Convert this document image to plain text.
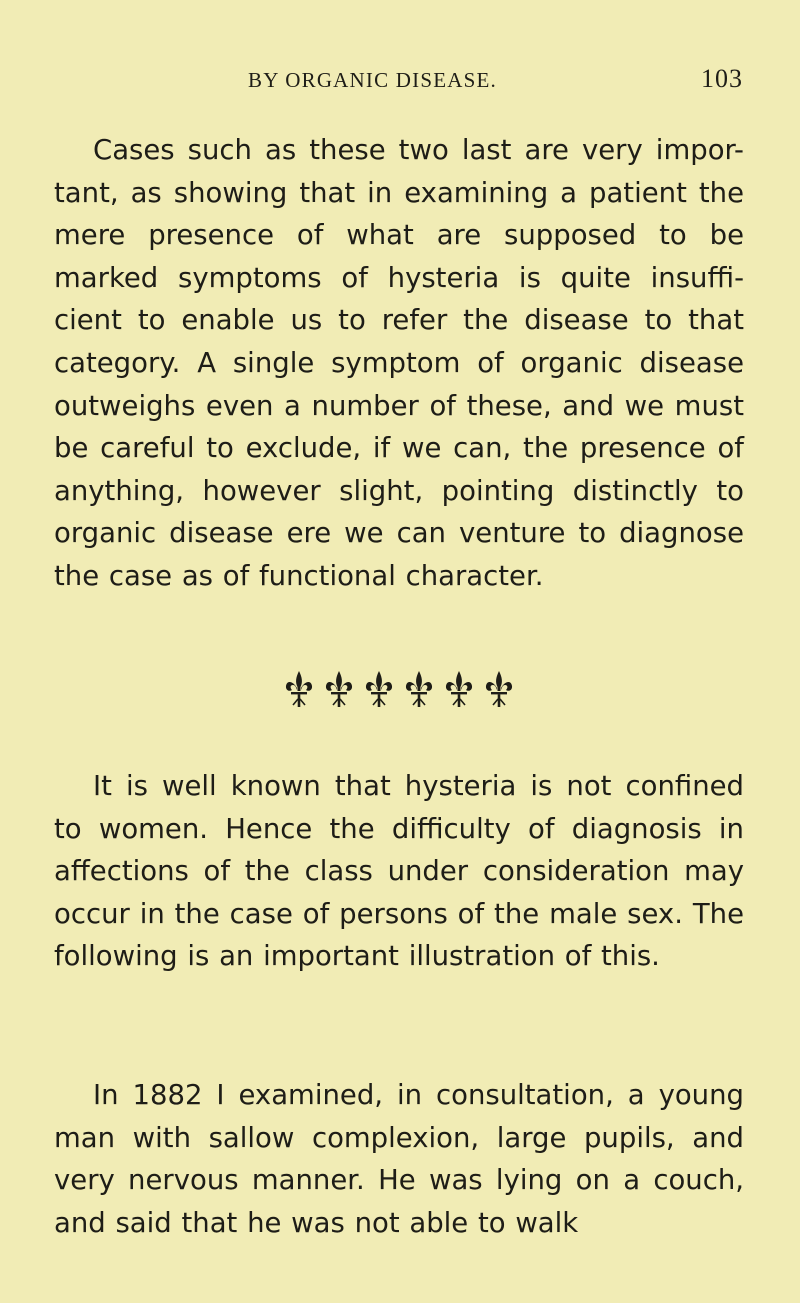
BY ORGANIC DISEASE.	103

Cases such as these two last are very impor-tant, as showing that in examining a patient the mere presence of what are supposed to be marked symptoms of hysteria is quite insuffi-cient to enable us to refer the disease to that category. A single symptom of organic disease outweighs even a number of these, and we must be careful to exclude, if we can, the presence of anything, however slight, pointing distinctly to organic disease ere we can venture to diagnose the case as of functional character.

It is well known that hysteria is not confined to women. Hence the difficulty of diagnosis in affections of the class under consideration may occur in the case of persons of the male sex. The following is an important illustration of this.

In 1882 I examined, in consultation, a young man with sallow complexion, large pupils, and very nervous manner. He was lying on a couch, and said that he was not able to walk
